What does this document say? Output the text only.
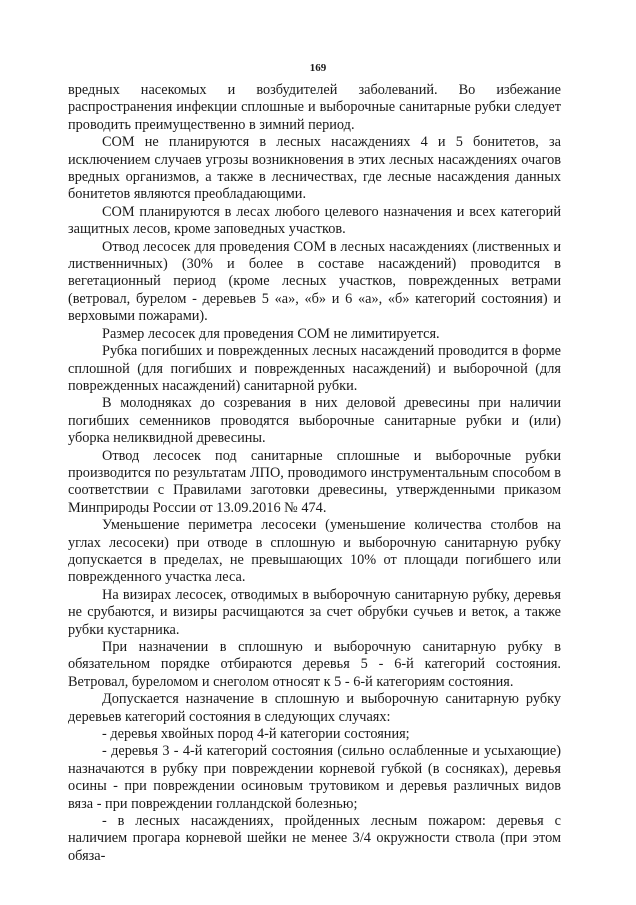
169

вредных насекомых и возбудителей заболеваний. Во избежание распространения инфекции сплошные и выборочные санитарные рубки следует проводить преимущественно в зимний период.

СОМ не планируются в лесных насаждениях 4 и 5 бонитетов, за исключением случаев угрозы возникновения в этих лесных насаждениях очагов вредных организмов, а также в лесничествах, где лесные насаждения данных бонитетов являются преобладающими.

СОМ планируются в лесах любого целевого назначения и всех категорий защитных лесов, кроме заповедных участков.

Отвод лесосек для проведения СОМ в лесных насаждениях (лиственных и лиственничных) (30% и более в составе насаждений) проводится в вегетационный период (кроме лесных участков, поврежденных ветрами (ветровал, бурелом - деревьев 5 «а», «б» и 6 «а», «б» категорий состояния) и верховыми пожарами).

Размер лесосек для проведения СОМ не лимитируется.

Рубка погибших и поврежденных лесных насаждений проводится в форме сплошной (для погибших и поврежденных насаждений) и выборочной (для поврежденных насаждений) санитарной рубки.

В молодняках до созревания в них деловой древесины при наличии погибших семенников проводятся выборочные санитарные рубки и (или) уборка неликвидной древесины.

Отвод лесосек под санитарные сплошные и выборочные рубки производится по результатам ЛПО, проводимого инструментальным способом в соответствии с Правилами заготовки древесины, утвержденными приказом Минприроды России от 13.09.2016 № 474.

Уменьшение периметра лесосеки (уменьшение количества столбов на углах лесосеки) при отводе в сплошную и выборочную санитарную рубку допускается в пределах, не превышающих 10% от площади погибшего или поврежденного участка леса.

На визирах лесосек, отводимых в выборочную санитарную рубку, деревья не срубаются, и визиры расчищаются за счет обрубки сучьев и веток, а также рубки кустарника.

При назначении в сплошную и выборочную санитарную рубку в обязательном порядке отбираются деревья 5 - 6-й категорий состояния. Ветровал, буреломом и снеголом относят к 5 - 6-й категориям состояния.

Допускается назначение в сплошную и выборочную санитарную рубку деревьев категорий состояния в следующих случаях:

- деревья хвойных пород 4-й категории состояния;

- деревья 3 - 4-й категорий состояния (сильно ослабленные и усыхающие) назначаются в рубку при повреждении корневой губкой (в сосняках), деревья осины - при повреждении осиновым трутовиком и деревья различных видов вяза - при повреждении голландской болезнью;

- в лесных насаждениях, пройденных лесным пожаром: деревья с наличием прогара корневой шейки не менее 3/4 окружности ствола (при этом обяза-
